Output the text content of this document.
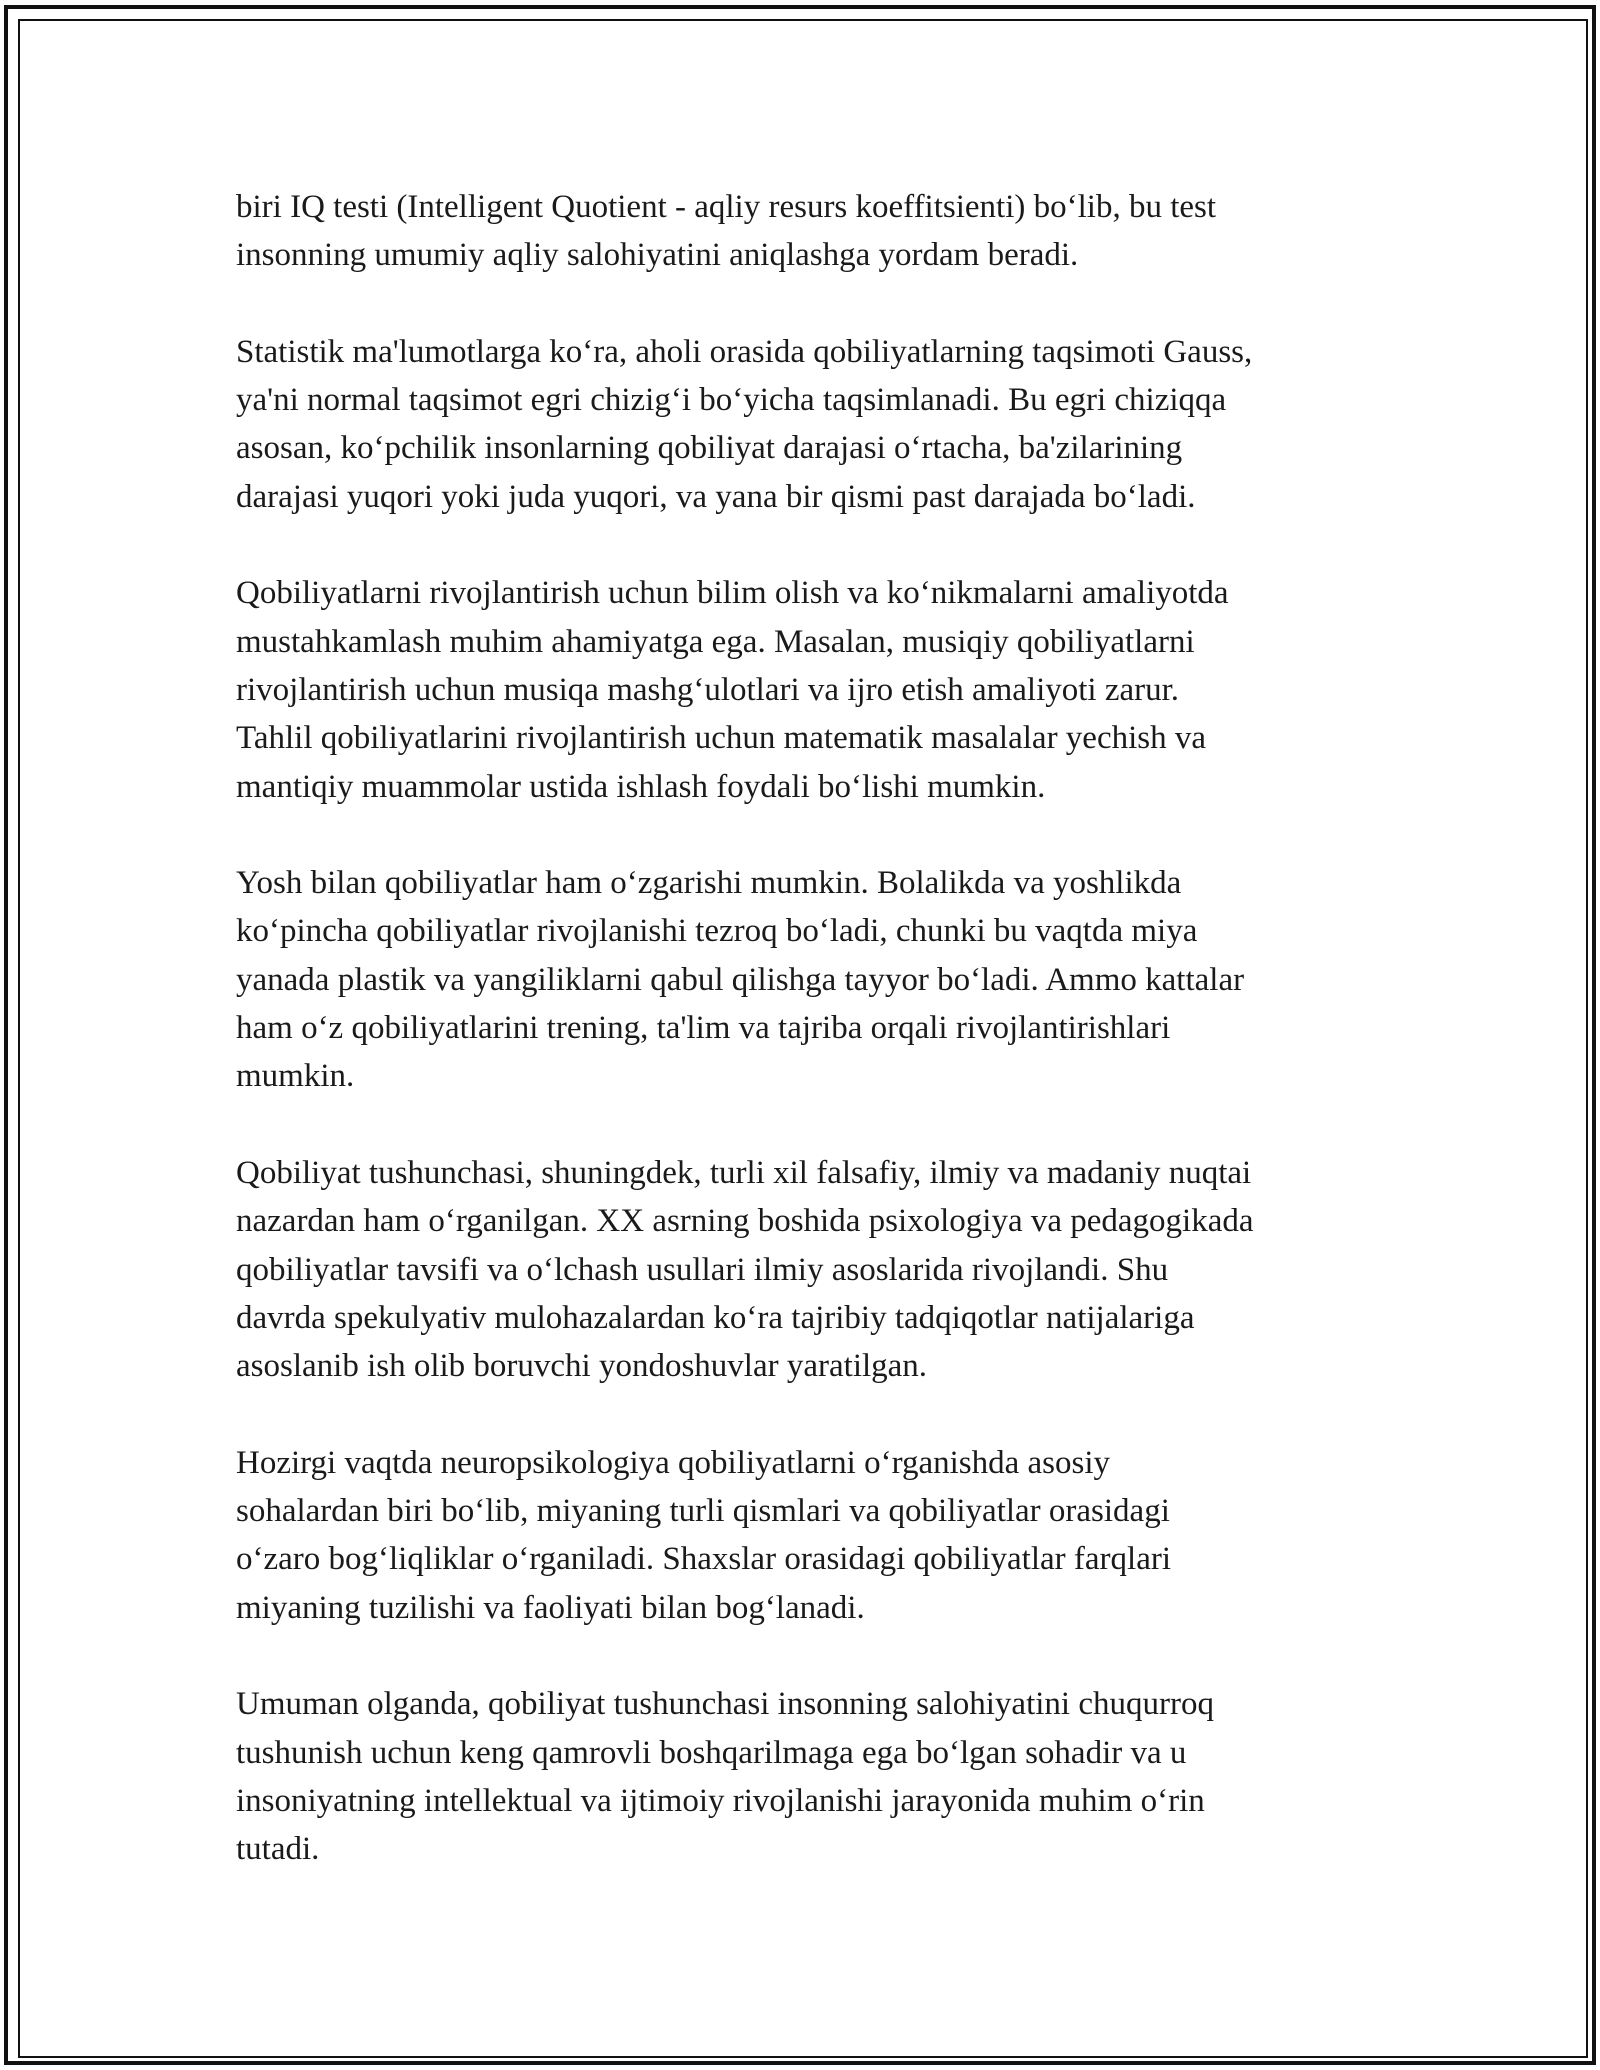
biri IQ testi (Intelligent Quotient - aqliy resurs koeffitsienti) bo‘lib, bu test
insonning umumiy aqliy salohiyatini aniqlashga yordam beradi.

Statistik ma'lumotlarga ko‘ra, aholi orasida qobiliyatlarning taqsimoti Gauss,
ya'ni normal taqsimot egri chizig‘i bo‘yicha taqsimlanadi. Bu egri chiziqqa
asosan, ko‘pchilik insonlarning qobiliyat darajasi o‘rtacha, ba'zilarining
darajasi yuqori yoki juda yuqori, va yana bir qismi past darajada bo‘ladi.

Qobiliyatlarni rivojlantirish uchun bilim olish va ko‘nikmalarni amaliyotda
mustahkamlash muhim ahamiyatga ega. Masalan, musiqiy qobiliyatlarni
rivojlantirish uchun musiqa mashg‘ulotlari va ijro etish amaliyoti zarur.
Tahlil qobiliyatlarini rivojlantirish uchun matematik masalalar yechish va
mantiqiy muammolar ustida ishlash foydali bo‘lishi mumkin.

Yosh bilan qobiliyatlar ham o‘zgarishi mumkin. Bolalikda va yoshlikda
ko‘pincha qobiliyatlar rivojlanishi tezroq bo‘ladi, chunki bu vaqtda miya
yanada plastik va yangiliklarni qabul qilishga tayyor bo‘ladi. Ammo kattalar
ham o‘z qobiliyatlarini trening, ta'lim va tajriba orqali rivojlantirishlari
mumkin.

Qobiliyat tushunchasi, shuningdek, turli xil falsafiy, ilmiy va madaniy nuqtai
nazardan ham o‘rganilgan. XX asrning boshida psixologiya va pedagogikada
qobiliyatlar tavsifi va o‘lchash usullari ilmiy asoslarida rivojlandi. Shu
davrda spekulyativ mulohazalardan ko‘ra tajribiy tadqiqotlar natijalariga
asoslanib ish olib boruvchi yondoshuvlar yaratilgan.

Hozirgi vaqtda neuropsikologiya qobiliyatlarni o‘rganishda asosiy
sohalardan biri bo‘lib, miyaning turli qismlari va qobiliyatlar orasidagi
o‘zaro bog‘liqliklar o‘rganiladi. Shaxslar orasidagi qobiliyatlar farqlari
miyaning tuzilishi va faoliyati bilan bog‘lanadi.

Umuman olganda, qobiliyat tushunchasi insonning salohiyatini chuqurroq
tushunish uchun keng qamrovli boshqarilmaga ega bo‘lgan sohadir va u
insoniyatning intellektual va ijtimoiy rivojlanishi jarayonida muhim o‘rin
tutadi.
